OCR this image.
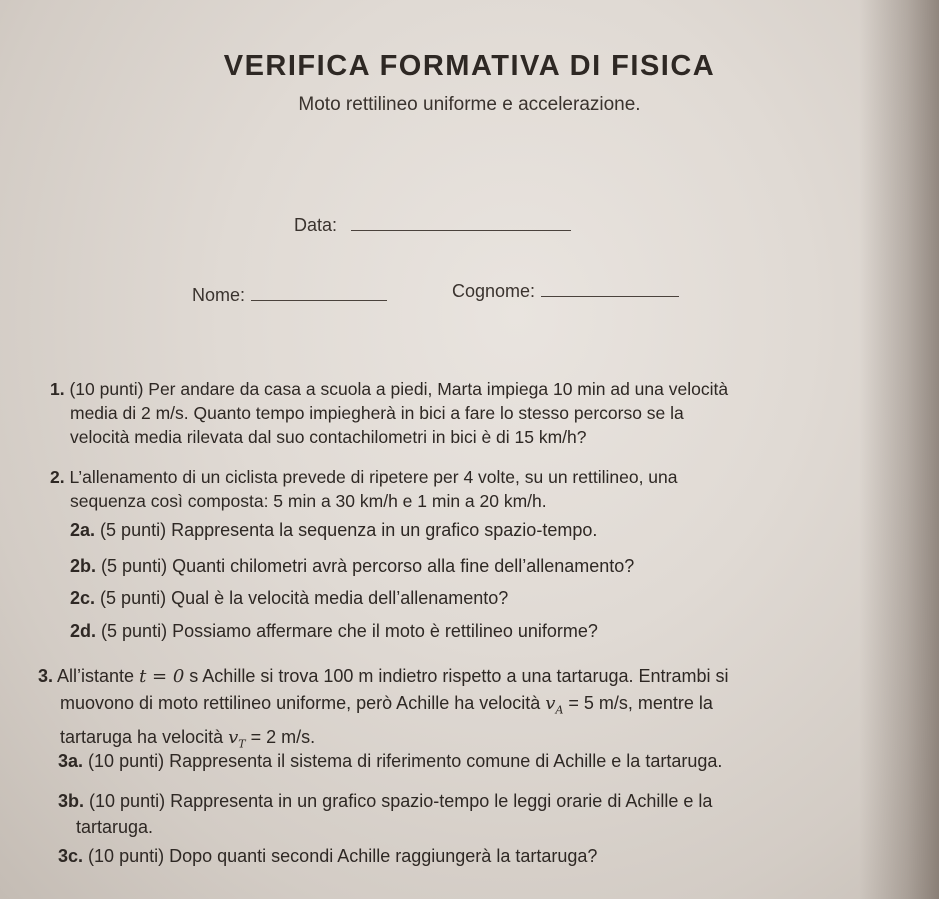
VERIFICA FORMATIVA DI FISICA
Moto rettilineo uniforme e accelerazione.
Data:
Nome:	Cognome:
1. (10 punti) Per andare da casa a scuola a piedi, Marta impiega 10 min ad una velocità
media di 2 m/s. Quanto tempo impiegherà in bici a fare lo stesso percorso se la
velocità media rilevata dal suo contachilometri in bici è di 15 km/h?
2. L’allenamento di un ciclista prevede di ripetere per 4 volte, su un rettilineo, una
sequenza così composta: 5 min a 30 km/h e 1 min a 20 km/h.
2a. (5 punti) Rappresenta la sequenza in un grafico spazio-tempo.
2b. (5 punti) Quanti chilometri avrà percorso alla fine dell’allenamento?
2c. (5 punti) Qual è la velocità media dell’allenamento?
2d. (5 punti) Possiamo affermare che il moto è rettilineo uniforme?
3. All’istante t = 0 s Achille si trova 100 m indietro rispetto a una tartaruga. Entrambi si
muovono di moto rettilineo uniforme, però Achille ha velocità $v_A = 5$ m/s, mentre la
tartaruga ha velocità $v_T = 2$ m/s.
3a. (10 punti) Rappresenta il sistema di riferimento comune di Achille e la tartaruga.
3b. (10 punti) Rappresenta in un grafico spazio-tempo le leggi orarie di Achille e la
tartaruga.
3c. (10 punti) Dopo quanti secondi Achille raggiungerà la tartaruga?
